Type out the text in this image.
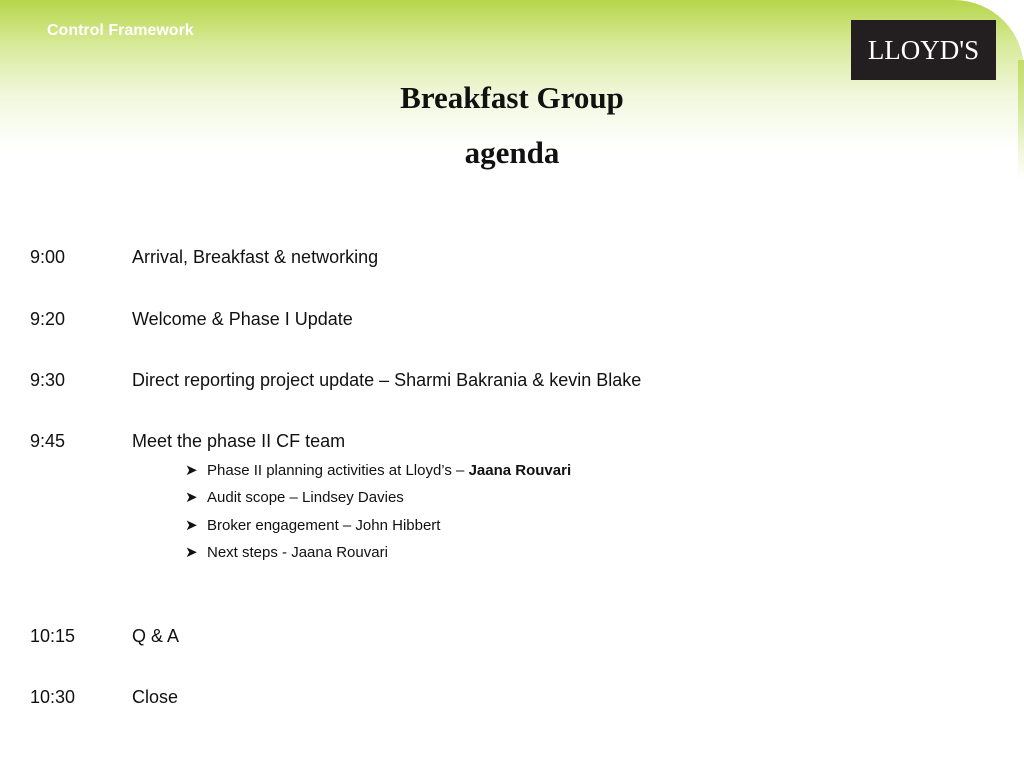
Control Framework
LLOYD'S
Breakfast Group
agenda
9:00	Arrival, Breakfast & networking
9:20	Welcome & Phase I Update
9:30	Direct reporting project update – Sharmi Bakrania & kevin Blake
9:45	Meet the phase II CF team
➤ Phase II planning activities at Lloyd’s – Jaana Rouvari
➤ Audit scope – Lindsey Davies
➤ Broker engagement – John Hibbert
➤ Next steps - Jaana Rouvari
10:15	Q & A
10:30	Close
